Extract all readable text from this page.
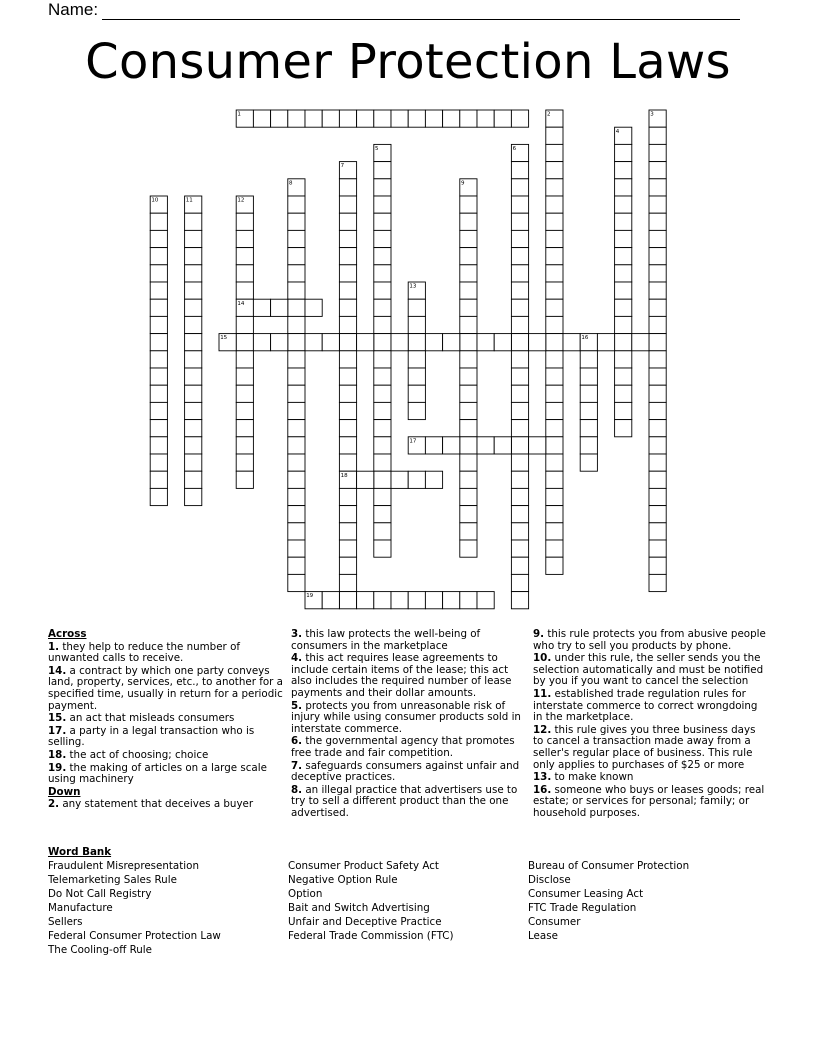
Name:
Consumer Protection Laws
1	2	3
4
5	6
7
8	9
10	11	12
13
14
15	16
17
18
19

Across

1. they help to reduce the number of unwanted calls to receive.

14. a contract by which one party conveys land, property, services, etc., to another for a specified time, usually in return for a periodic payment.

15. an act that misleads consumers

17. a party in a legal transaction who is selling.

18. the act of choosing; choice

19. the making of articles on a large scale using machinery

Down

2. any statement that deceives a buyer

3. this law protects the well-being of consumers in the marketplace

4. this act requires lease agreements to include certain items of the lease; this act also includes the required number of lease payments and their dollar amounts.

5. protects you from unreasonable risk of injury while using consumer products sold in interstate commerce.

6. the governmental agency that promotes free trade and fair competition.

7. safeguards consumers against unfair and deceptive practices.

8. an illegal practice that advertisers use to try to sell a different product than the one advertised.

9. this rule protects you from abusive people who try to sell you products by phone.

10. under this rule, the seller sends you the selection automatically and must be notified by you if you want to cancel the selection

11. established trade regulation rules for interstate commerce to correct wrongdoing in the marketplace.

12. this rule gives you three business days to cancel a transaction made away from a seller's regular place of business. This rule only applies to purchases of $25 or more

13. to make known

16. someone who buys or leases goods; real estate; or services for personal; family; or household purposes.

Word Bank
Fraudulent Misrepresentation
Telemarketing Sales Rule
Do Not Call Registry
Manufacture
Sellers
Federal Consumer Protection Law
The Cooling-off Rule
Consumer Product Safety Act
Negative Option Rule
Option
Bait and Switch Advertising
Unfair and Deceptive Practice
Federal Trade Commission (FTC)
Bureau of Consumer Protection
Disclose
Consumer Leasing Act
FTC Trade Regulation
Consumer
Lease
